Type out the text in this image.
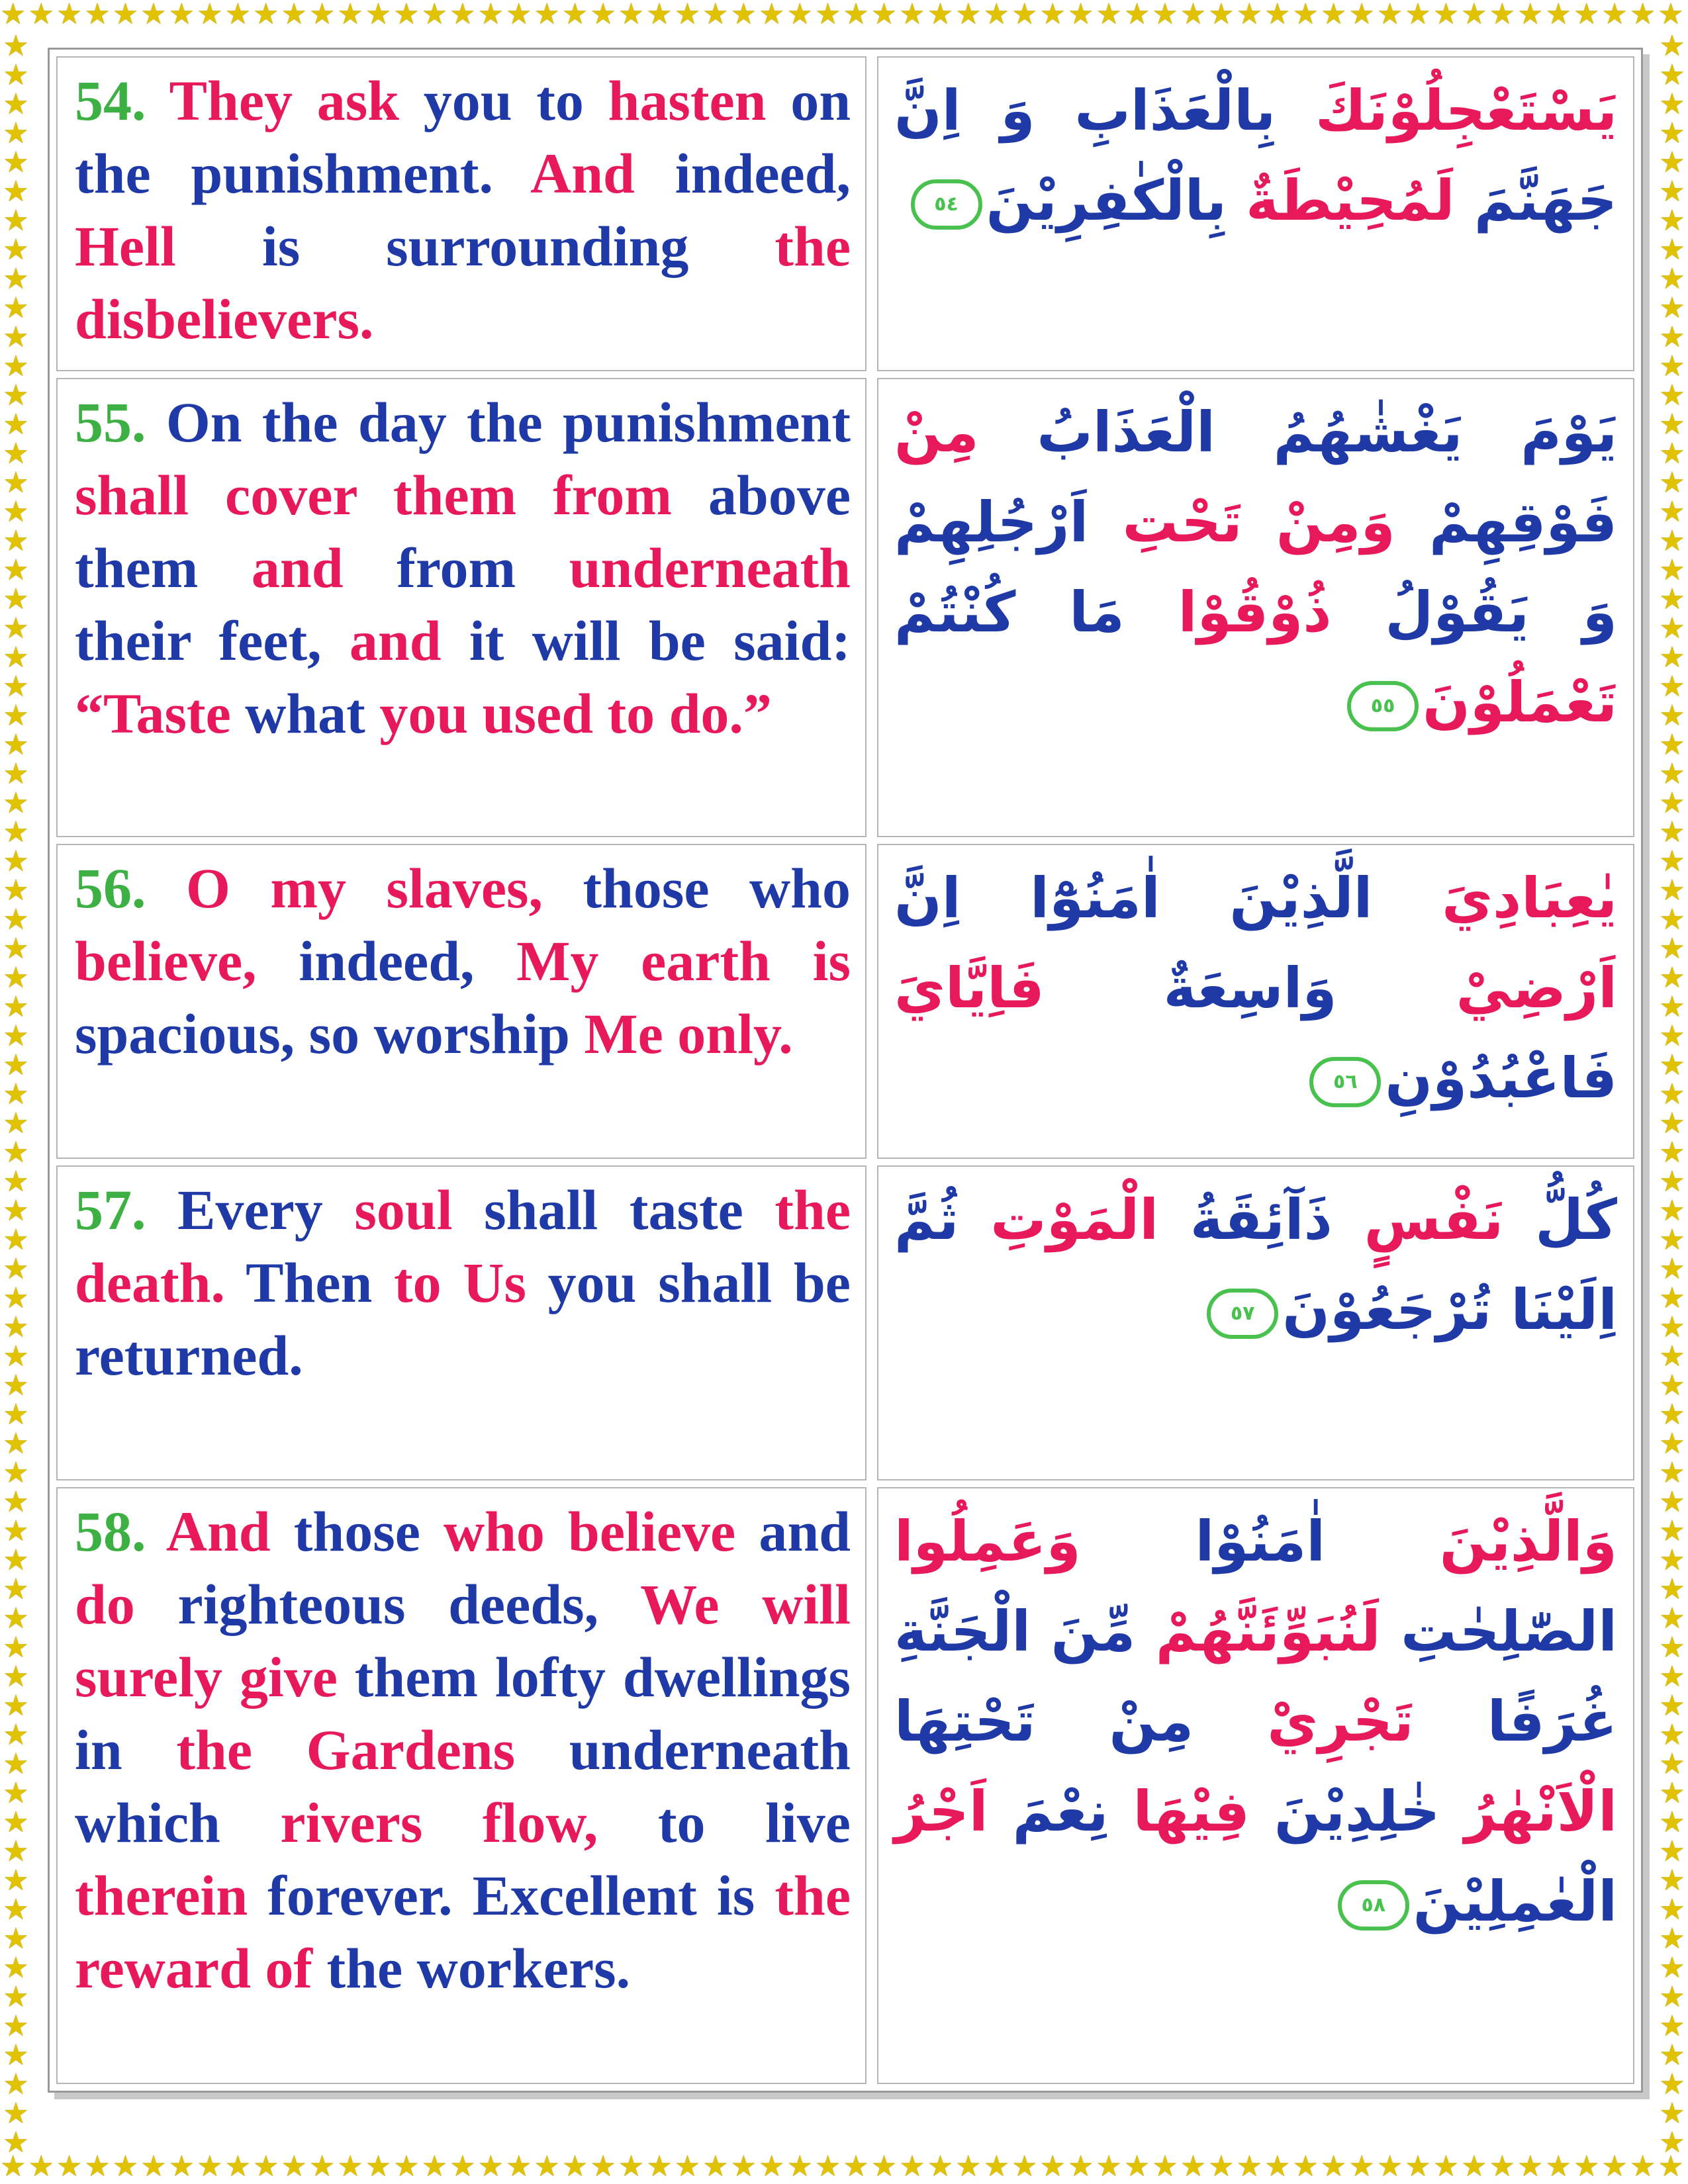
★★★★★★★★★★★★★★★★★★★★★★★★★★★★★★★★★★★★★★★★★★★★★★★★★★★★★★★★★★★★
★★★★★★★★★★★★★★★★★★★★★★★★★★★★★★★★★★★★★★★★★★★★★★★★★★★★★★★★★★★★
★★★★★★★★★★★★★★★★★★★★★★★★★★★★★★★★★★★★★★★★★★★★★★★★★★★★★★★★★★★★★★★★★★★★★★★★★
★★★★★★★★★★★★★★★★★★★★★★★★★★★★★★★★★★★★★★★★★★★★★★★★★★★★★★★★★★★★★★★★★★★★★★★★★
54. They ask you to hasten on the punishment. And indeed, Hell is surrounding the disbelievers.
يَسْتَعْجِلُوْنَكَ بِالْعَذَابِ وَ اِنَّ جَهَنَّمَ لَمُحِيْطَةٌ بِالْكٰفِرِيْنَ٥٤
55. On the day the punishment shall cover them from above them and from underneath their feet, and it will be said: “Taste what you used to do.”
يَوْمَ يَغْشٰهُمُ الْعَذَابُ مِنْ فَوْقِهِمْ وَمِنْ تَحْتِ اَرْجُلِهِمْ وَ يَقُوْلُ ذُوْقُوْا مَا كُنْتُمْ تَعْمَلُوْنَ٥٥
56. O my slaves, those who believe, indeed, My earth is spacious, so worship Me only.
يٰعِبَادِيَ الَّذِيْنَ اٰمَنُوْٓا اِنَّ اَرْضِيْ وَاسِعَةٌ فَاِيَّايَ فَاعْبُدُوْنِ٥٦
57. Every soul shall taste the death. Then to Us you shall be returned.
كُلُّ نَفْسٍ ذَآئِقَةُ الْمَوْتِ ثُمَّ اِلَيْنَا تُرْجَعُوْنَ٥٧
58. And those who believe and do righteous deeds, We will surely give them lofty dwellings in the Gardens underneath which rivers flow, to live therein forever. Excellent is the reward of the workers.
وَالَّذِيْنَ اٰمَنُوْا وَعَمِلُوا الصّٰلِحٰتِ لَنُبَوِّئَنَّهُمْ مِّنَ الْجَنَّةِ غُرَفًا تَجْرِيْ مِنْ تَحْتِهَا الْاَنْهٰرُ خٰلِدِيْنَ فِيْهَا نِعْمَ اَجْرُ الْعٰمِلِيْنَ٥٨
